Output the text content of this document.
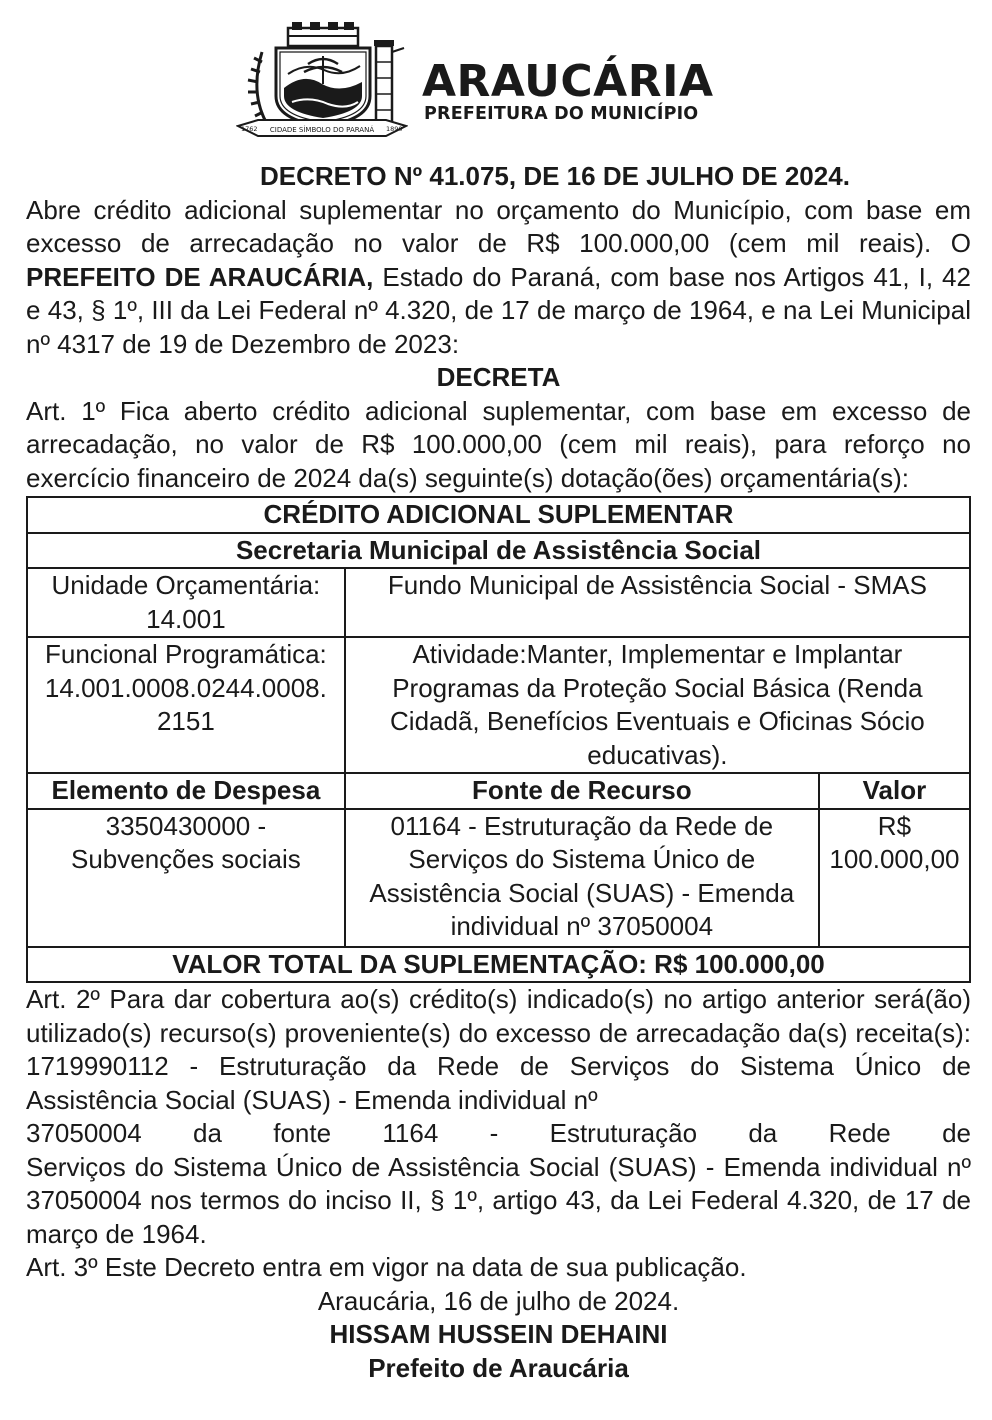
1762 CIDADE SÍMBOLO DO PARANÁ 1890
ARAUCÁRIA
PREFEITURA DO MUNICÍPIO
DECRETO Nº 41.075, DE 16 DE JULHO DE 2024.

Abre crédito adicional suplementar no orçamento do Município, com base em excesso de arrecadação no valor de R$ 100.000,00 (cem mil reais). O PREFEITO DE ARAUCÁRIA, Estado do Paraná, com base nos Artigos 41, I, 42 e 43, § 1º, III da Lei Federal nº 4.320, de 17 de março de 1964, e na Lei Municipal nº 4317 de 19 de Dezembro de 2023:

DECRETA

Art. 1º Fica aberto crédito adicional suplementar, com base em excesso de arrecadação, no valor de R$ 100.000,00 (cem mil reais), para reforço no exercício financeiro de 2024 da(s) seguinte(s) dotação(ões) orçamentária(s):

CRÉDITO ADICIONAL SUPLEMENTAR		
Secretaria Municipal de Assistência Social		
Unidade Orçamentária: 14.001	Fundo Municipal de Assistência Social - SMAS	

Funcional Programática:
14.001.0008.0244.0008.
2151	Atividade:Manter, Implementar e Implantar Programas da Proteção Social Básica (Renda Cidadã, Benefícios Eventuais e Oficinas Sócio educativas).	
Elemento de Despesa	Fonte de Recurso	Valor
3350430000 - Subvenções sociais	01164 - Estruturação da Rede de Serviços do Sistema Único de Assistência Social (SUAS) - Emenda individual nº 37050004	R$
100.000,00

VALOR TOTAL DA SUPLEMENTAÇÃO: R$ 100.000,00		

Art. 2º Para dar cobertura ao(s) crédito(s) indicado(s) no artigo anterior será(ão) utilizado(s) recurso(s) proveniente(s) do excesso de arrecadação da(s) receita(s): 1719990112 - Estruturação da Rede de Serviços do Sistema Único de Assistência Social (SUAS) - Emenda individual nº

37050004 da fonte 1164 - Estruturação da Rede de

Serviços do Sistema Único de Assistência Social (SUAS) - Emenda individual nº 37050004 nos termos do inciso II, § 1º, artigo 43, da Lei Federal 4.320, de 17 de março de 1964.

Art. 3º Este Decreto entra em vigor na data de sua publicação.

Araucária, 16 de julho de 2024.
HISSAM HUSSEIN DEHAINI
Prefeito de Araucária
